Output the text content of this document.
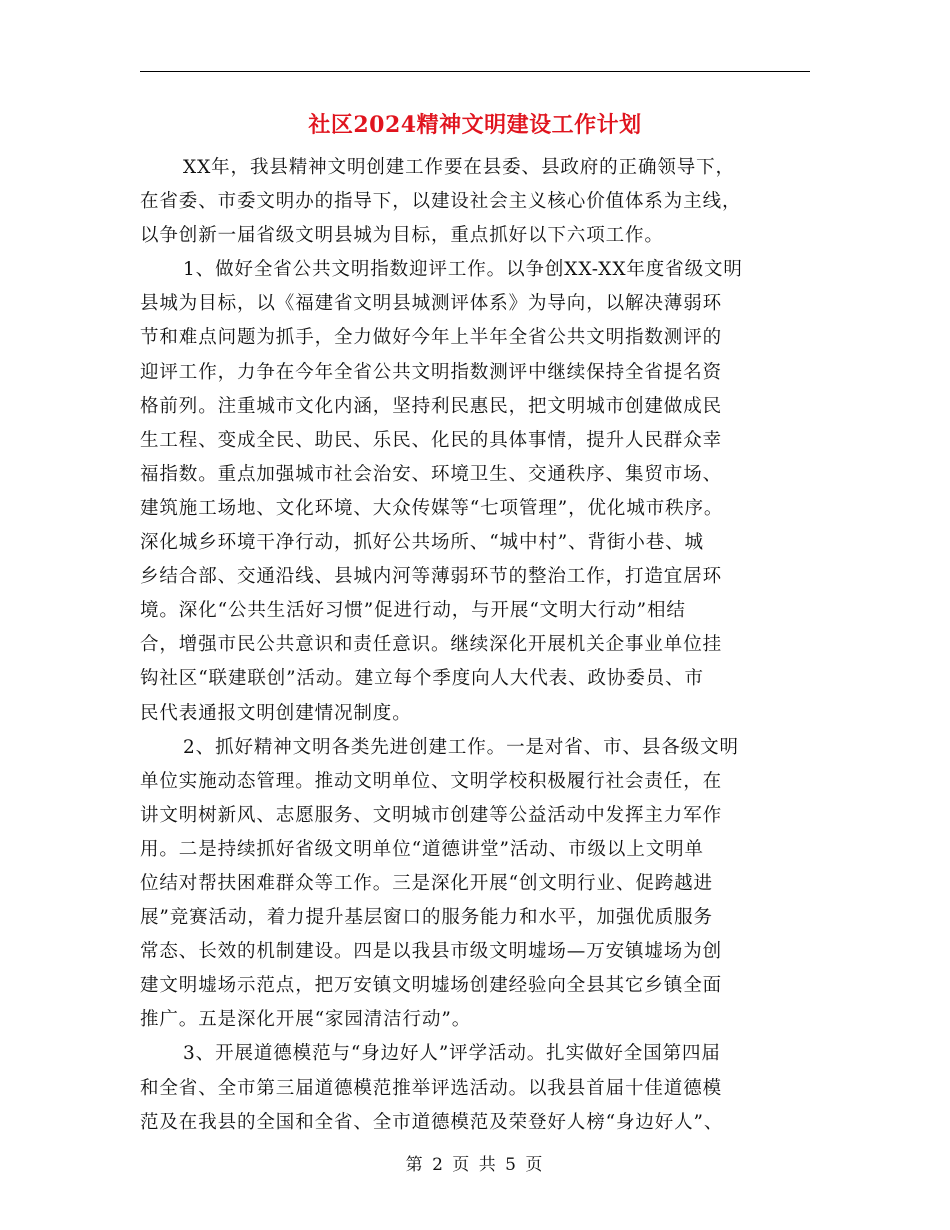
社区2024精神文明建设工作计划
XX年，我县精神文明创建工作要在县委、县政府的正确领导下，
在省委、市委文明办的指导下，以建设社会主义核心价值体系为主线，
以争创新一届省级文明县城为目标，重点抓好以下六项工作。
1、做好全省公共文明指数迎评工作。以争创XX-XX年度省级文明
县城为目标，以《福建省文明县城测评体系》为导向，以解决薄弱环
节和难点问题为抓手，全力做好今年上半年全省公共文明指数测评的
迎评工作，力争在今年全省公共文明指数测评中继续保持全省提名资
格前列。注重城市文化内涵，坚持利民惠民，把文明城市创建做成民
生工程、变成全民、助民、乐民、化民的具体事情，提升人民群众幸
福指数。重点加强城市社会治安、环境卫生、交通秩序、集贸市场、
建筑施工场地、文化环境、大众传媒等“七项管理”，优化城市秩序。
深化城乡环境干净行动，抓好公共场所、“城中村”、背街小巷、城
乡结合部、交通沿线、县城内河等薄弱环节的整治工作，打造宜居环
境。深化“公共生活好习惯”促进行动，与开展“文明大行动”相结
合，增强市民公共意识和责任意识。继续深化开展机关企事业单位挂
钩社区“联建联创”活动。建立每个季度向人大代表、政协委员、市
民代表通报文明创建情况制度。
2、抓好精神文明各类先进创建工作。一是对省、市、县各级文明
单位实施动态管理。推动文明单位、文明学校积极履行社会责任，在
讲文明树新风、志愿服务、文明城市创建等公益活动中发挥主力军作
用。二是持续抓好省级文明单位“道德讲堂”活动、市级以上文明单
位结对帮扶困难群众等工作。三是深化开展“创文明行业、促跨越进
展”竞赛活动，着力提升基层窗口的服务能力和水平，加强优质服务
常态、长效的机制建设。四是以我县市级文明墟场—万安镇墟场为创
建文明墟场示范点，把万安镇文明墟场创建经验向全县其它乡镇全面
推广。五是深化开展“家园清洁行动”。
3、开展道德模范与“身边好人”评学活动。扎实做好全国第四届
和全省、全市第三届道德模范推举评选活动。以我县首届十佳道德模
范及在我县的全国和全省、全市道德模范及荣登好人榜“身边好人”、
第 2 页 共 5 页
